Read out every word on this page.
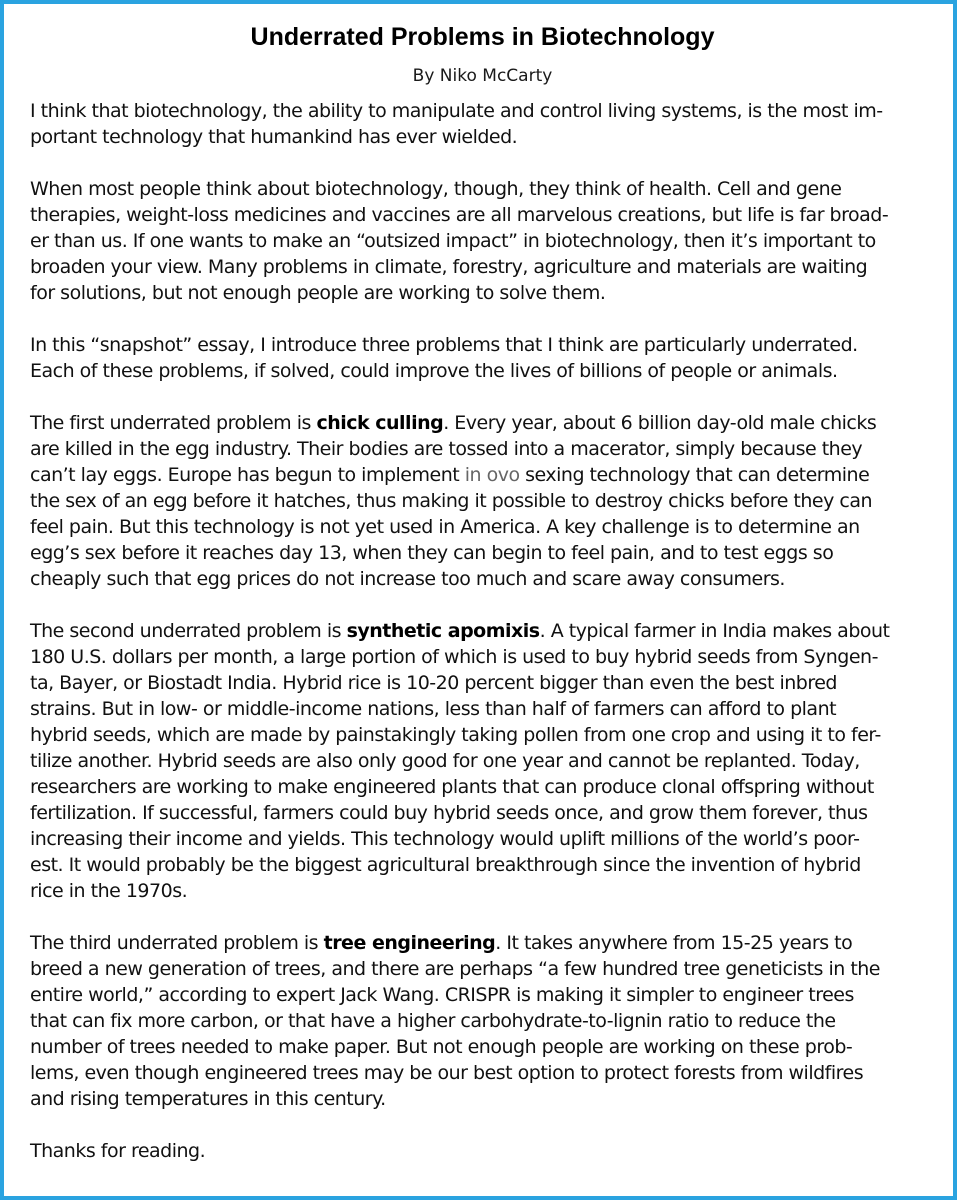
Underrated Problems in Biotechnology
By Niko McCarty
I think that biotechnology, the ability to manipulate and control living systems, is the most im-
portant technology that humankind has ever wielded.
When most people think about biotechnology, though, they think of health. Cell and gene
therapies, weight-loss medicines and vaccines are all marvelous creations, but life is far broad-
er than us. If one wants to make an “outsized impact” in biotechnology, then it’s important to
broaden your view. Many problems in climate, forestry, agriculture and materials are waiting
for solutions, but not enough people are working to solve them.
In this “snapshot” essay, I introduce three problems that I think are particularly underrated.
Each of these problems, if solved, could improve the lives of billions of people or animals.
The first underrated problem is chick culling. Every year, about 6 billion day-old male chicks
are killed in the egg industry. Their bodies are tossed into a macerator, simply because they
can’t lay eggs. Europe has begun to implement in ovo sexing technology that can determine
the sex of an egg before it hatches, thus making it possible to destroy chicks before they can
feel pain. But this technology is not yet used in America. A key challenge is to determine an
egg’s sex before it reaches day 13, when they can begin to feel pain, and to test eggs so
cheaply such that egg prices do not increase too much and scare away consumers.
The second underrated problem is synthetic apomixis. A typical farmer in India makes about
180 U.S. dollars per month, a large portion of which is used to buy hybrid seeds from Syngen-
ta, Bayer, or Biostadt India. Hybrid rice is 10-20 percent bigger than even the best inbred
strains. But in low- or middle-income nations, less than half of farmers can afford to plant
hybrid seeds, which are made by painstakingly taking pollen from one crop and using it to fer-
tilize another. Hybrid seeds are also only good for one year and cannot be replanted. Today,
researchers are working to make engineered plants that can produce clonal offspring without
fertilization. If successful, farmers could buy hybrid seeds once, and grow them forever, thus
increasing their income and yields. This technology would uplift millions of the world’s poor-
est. It would probably be the biggest agricultural breakthrough since the invention of hybrid
rice in the 1970s.
The third underrated problem is tree engineering. It takes anywhere from 15-25 years to
breed a new generation of trees, and there are perhaps “a few hundred tree geneticists in the
entire world,” according to expert Jack Wang. CRISPR is making it simpler to engineer trees
that can fix more carbon, or that have a higher carbohydrate-to-lignin ratio to reduce the
number of trees needed to make paper. But not enough people are working on these prob-
lems, even though engineered trees may be our best option to protect forests from wildfires
and rising temperatures in this century.
Thanks for reading.
